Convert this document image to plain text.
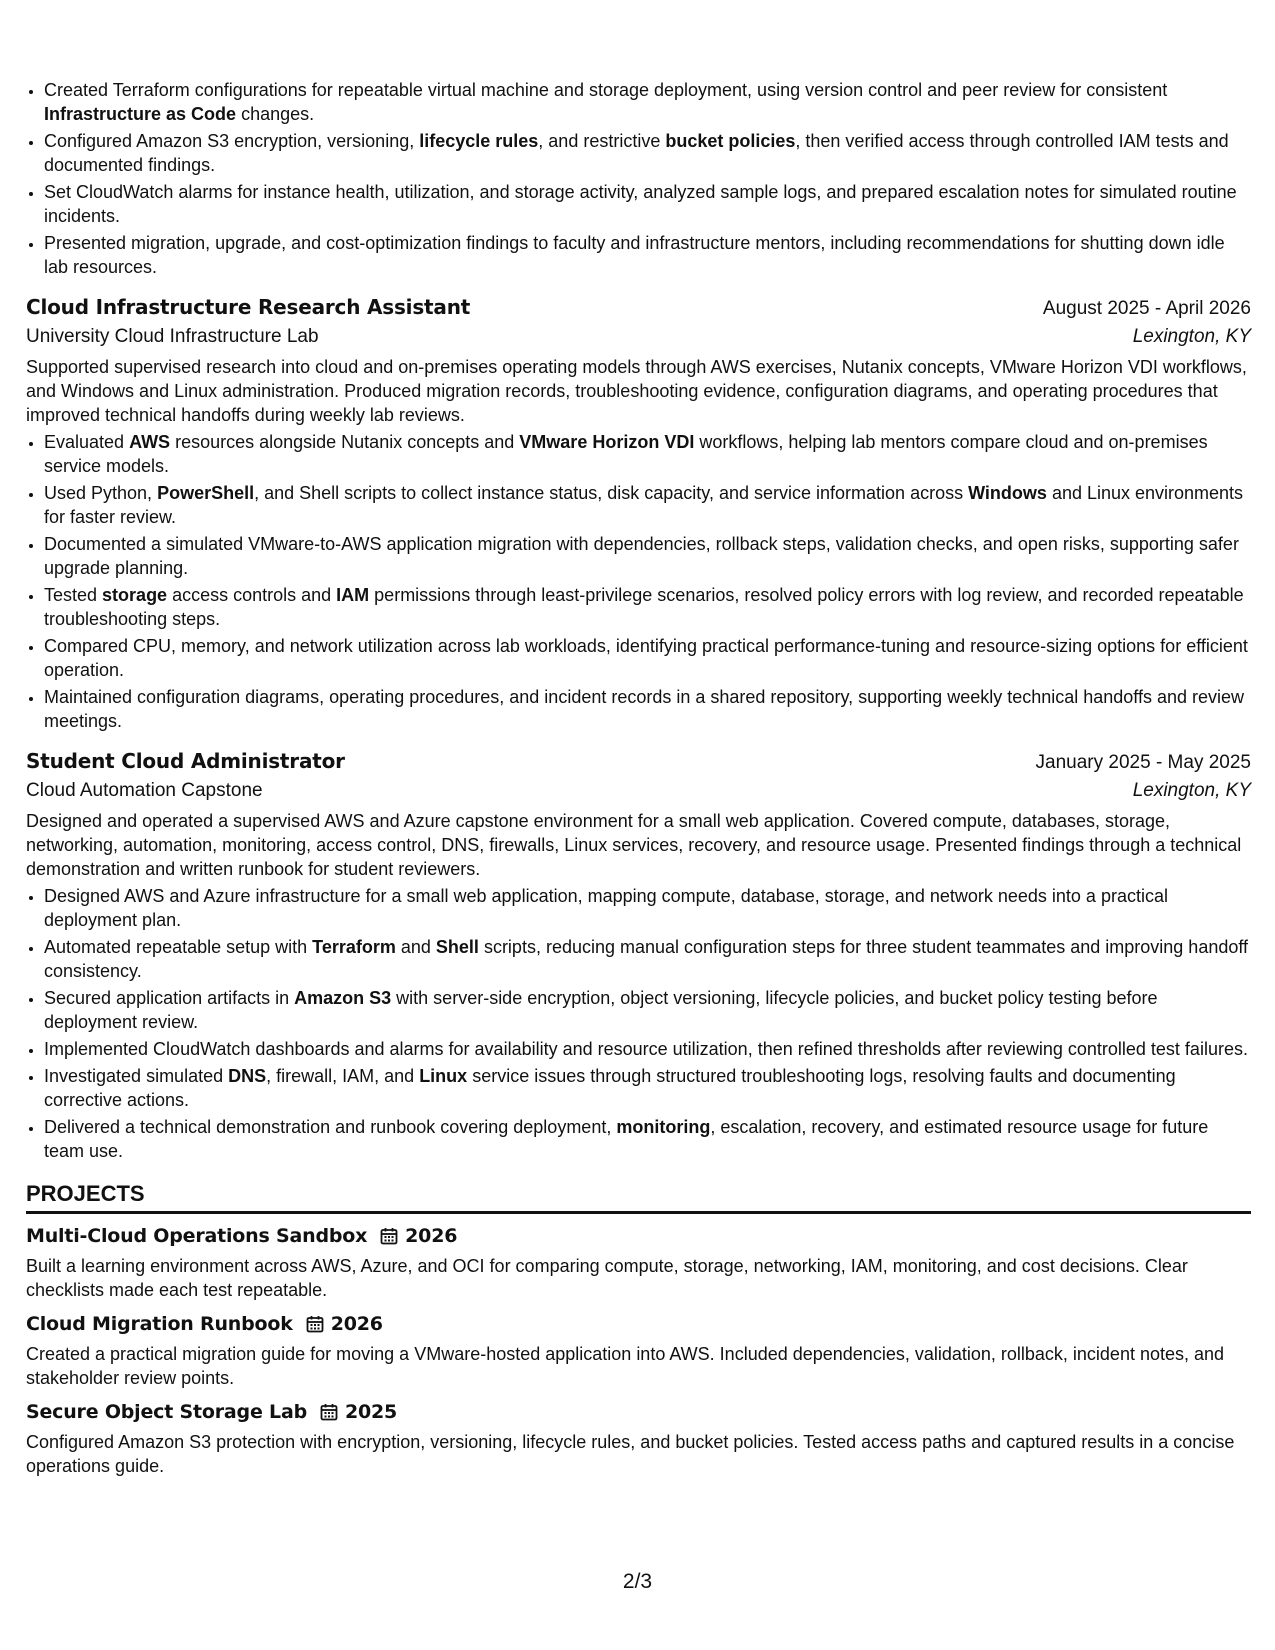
• Created Terraform configurations for repeatable virtual machine and storage deployment, using version control and peer review for consistent Infrastructure as Code changes.
• Configured Amazon S3 encryption, versioning, lifecycle rules, and restrictive bucket policies, then verified access through controlled IAM tests and documented findings.
• Set CloudWatch alarms for instance health, utilization, and storage activity, analyzed sample logs, and prepared escalation notes for simulated routine incidents.
• Presented migration, upgrade, and cost-optimization findings to faculty and infrastructure mentors, including recommendations for shutting down idle lab resources.
Cloud Infrastructure Research Assistant	August 2025 - April 2026
University Cloud Infrastructure Lab	Lexington, KY

Supported supervised research into cloud and on-premises operating models through AWS exercises, Nutanix concepts, VMware Horizon VDI workflows, and Windows and Linux administration. Produced migration records, troubleshooting evidence, configuration diagrams, and operating procedures that improved technical handoffs during weekly lab reviews.

• Evaluated AWS resources alongside Nutanix concepts and VMware Horizon VDI workflows, helping lab mentors compare cloud and on-premises service models.
• Used Python, PowerShell, and Shell scripts to collect instance status, disk capacity, and service information across Windows and Linux environments for faster review.
• Documented a simulated VMware-to-AWS application migration with dependencies, rollback steps, validation checks, and open risks, supporting safer upgrade planning.
• Tested storage access controls and IAM permissions through least-privilege scenarios, resolved policy errors with log review, and recorded repeatable troubleshooting steps.
• Compared CPU, memory, and network utilization across lab workloads, identifying practical performance-tuning and resource-sizing options for efficient operation.
• Maintained configuration diagrams, operating procedures, and incident records in a shared repository, supporting weekly technical handoffs and review meetings.
Student Cloud Administrator	January 2025 - May 2025
Cloud Automation Capstone	Lexington, KY

Designed and operated a supervised AWS and Azure capstone environment for a small web application. Covered compute, databases, storage, networking, automation, monitoring, access control, DNS, firewalls, Linux services, recovery, and resource usage. Presented findings through a technical demonstration and written runbook for student reviewers.

• Designed AWS and Azure infrastructure for a small web application, mapping compute, database, storage, and network needs into a practical deployment plan.
• Automated repeatable setup with Terraform and Shell scripts, reducing manual configuration steps for three student teammates and improving handoff consistency.
• Secured application artifacts in Amazon S3 with server-side encryption, object versioning, lifecycle policies, and bucket policy testing before deployment review.
• Implemented CloudWatch dashboards and alarms for availability and resource utilization, then refined thresholds after reviewing controlled test failures.
• Investigated simulated DNS, firewall, IAM, and Linux service issues through structured troubleshooting logs, resolving faults and documenting corrective actions.
• Delivered a technical demonstration and runbook covering deployment, monitoring, escalation, recovery, and estimated resource usage for future team use.
PROJECTS
Multi-Cloud Operations Sandbox 2026

Built a learning environment across AWS, Azure, and OCI for comparing compute, storage, networking, IAM, monitoring, and cost decisions. Clear checklists made each test repeatable.

Cloud Migration Runbook 2026

Created a practical migration guide for moving a VMware-hosted application into AWS. Included dependencies, validation, rollback, incident notes, and stakeholder review points.

Secure Object Storage Lab 2025

Configured Amazon S3 protection with encryption, versioning, lifecycle rules, and bucket policies. Tested access paths and captured results in a concise operations guide.

2/3
